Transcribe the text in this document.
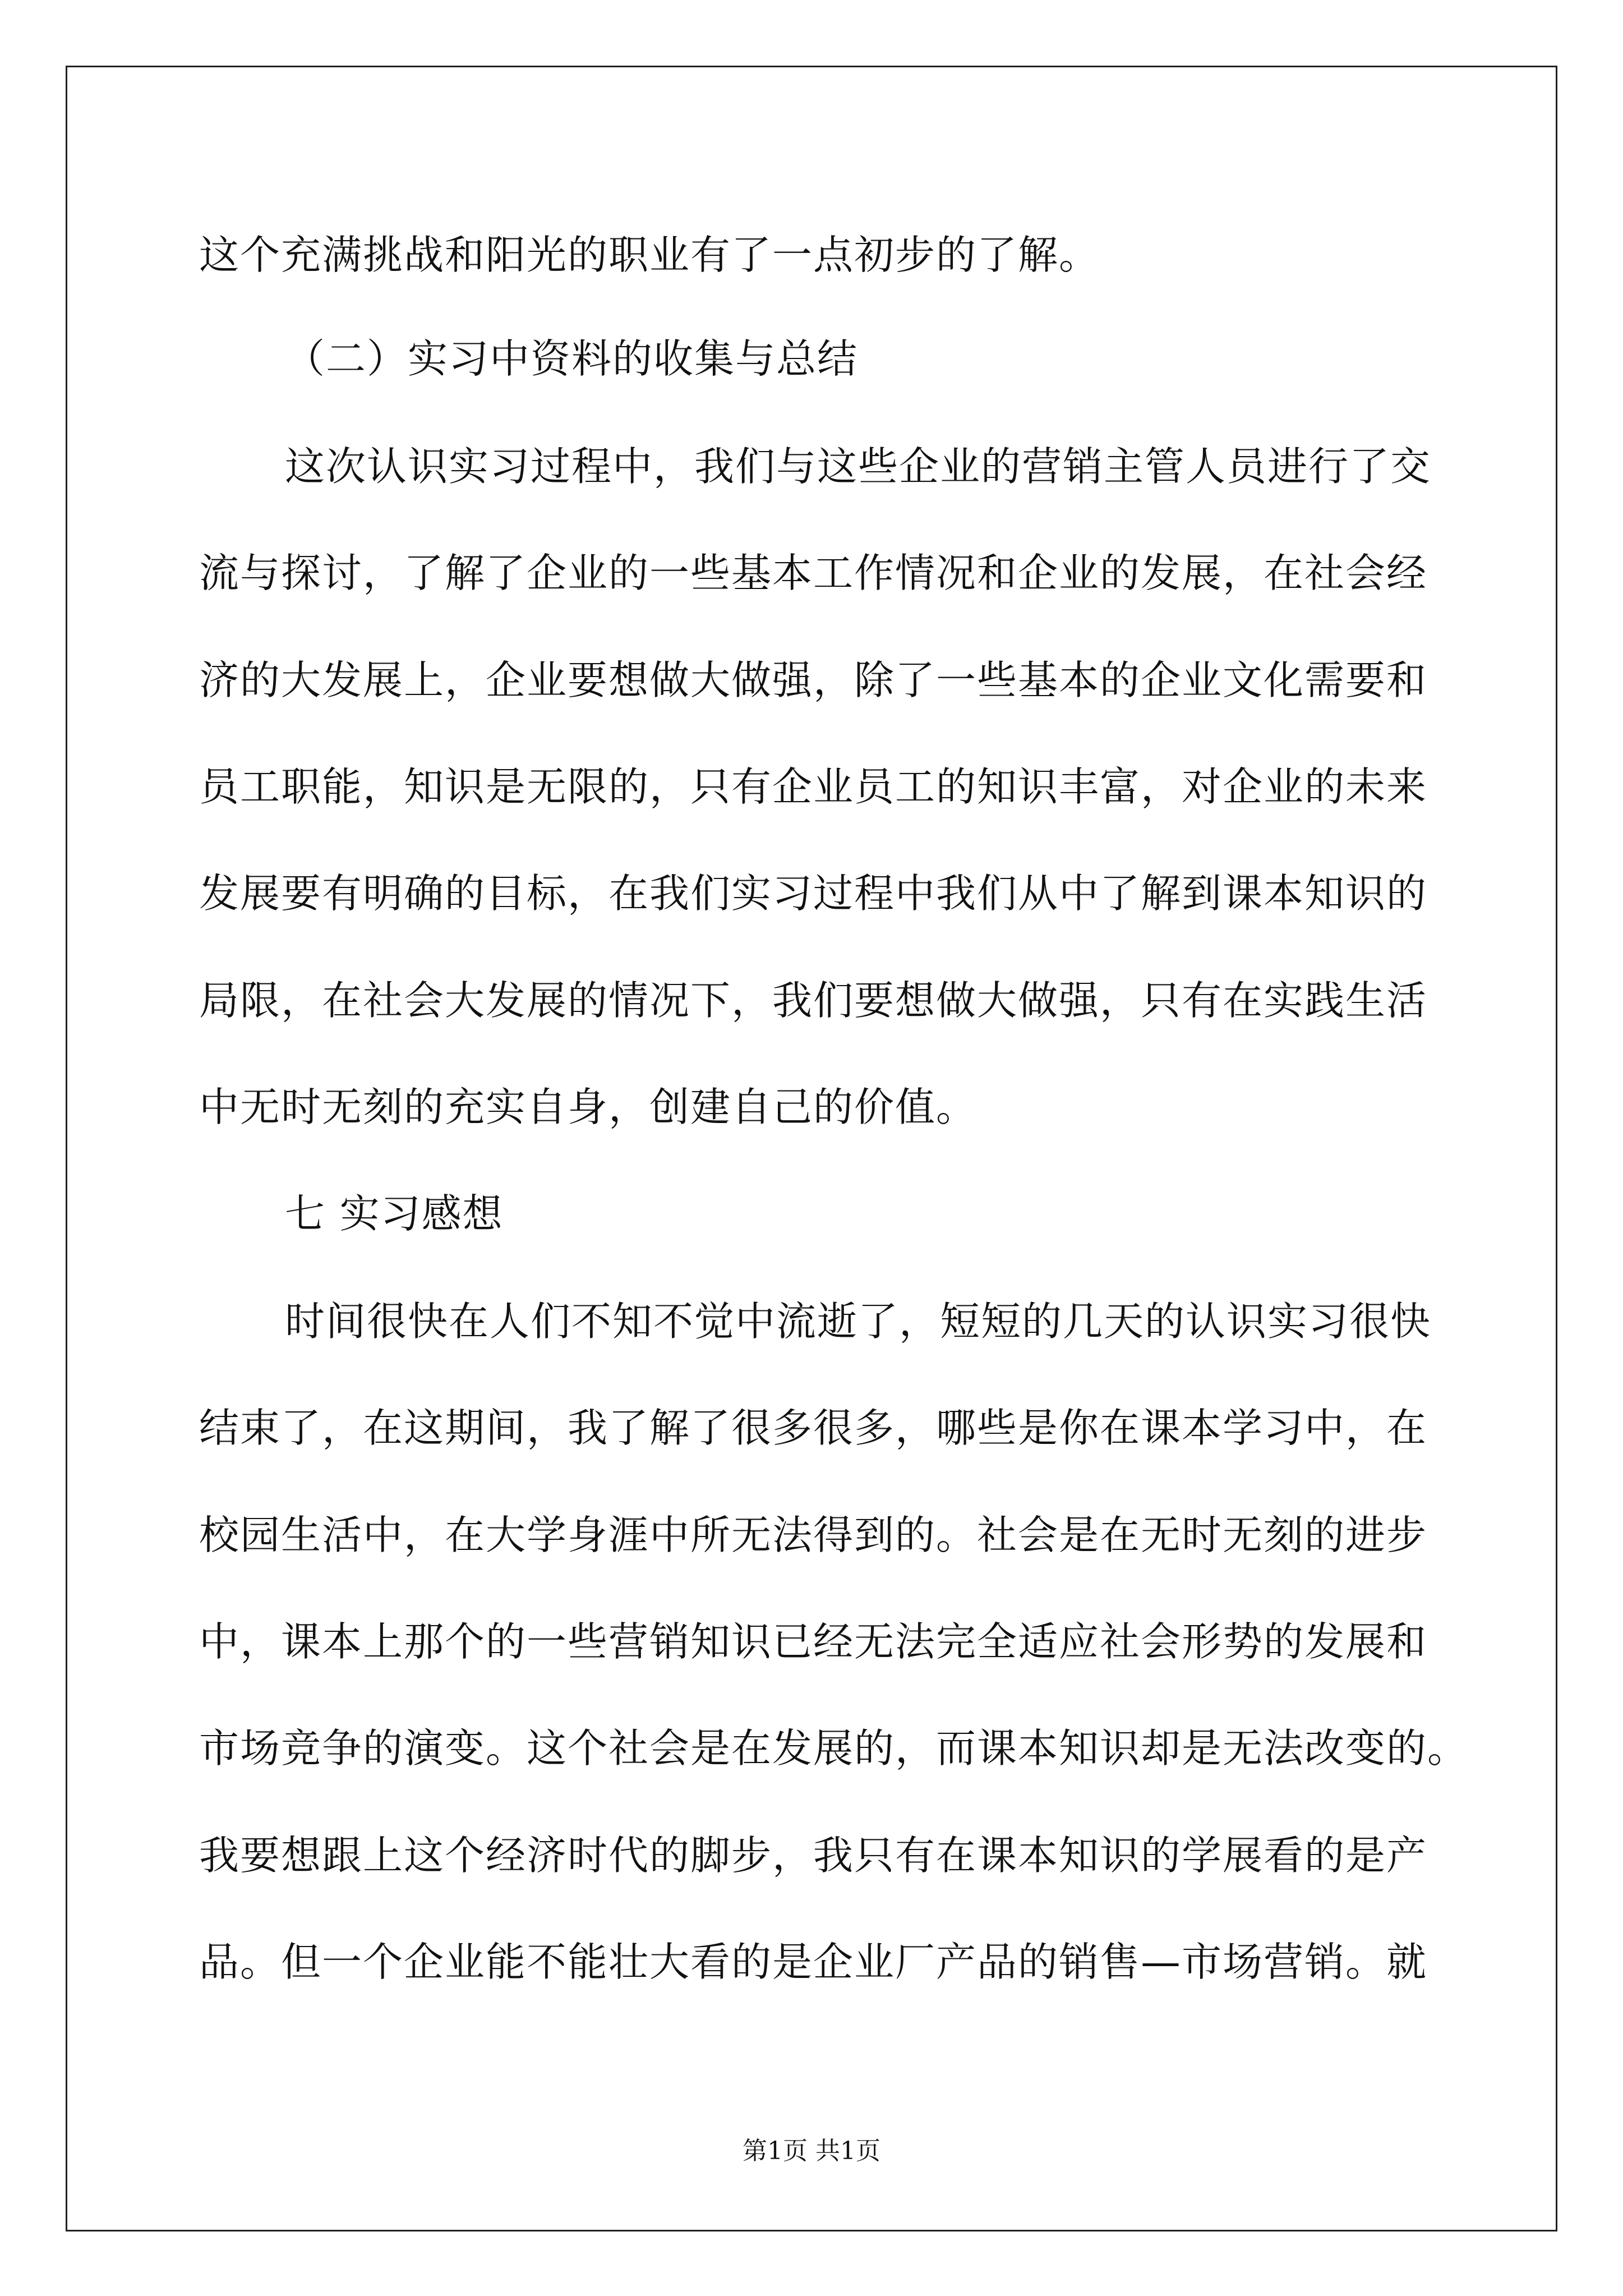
这个充满挑战和阳光的职业有了一点初步的了解。
（二）实习中资料的收集与总结
这次认识实习过程中，我们与这些企业的营销主管人员进行了交
流与探讨，了解了企业的一些基本工作情况和企业的发展，在社会经
济的大发展上，企业要想做大做强，除了一些基本的企业文化需要和
员工职能，知识是无限的，只有企业员工的知识丰富，对企业的未来
发展要有明确的目标，在我们实习过程中我们从中了解到课本知识的
局限，在社会大发展的情况下，我们要想做大做强，只有在实践生活
中无时无刻的充实自身，创建自己的价值。
七 实习感想
时间很快在人们不知不觉中流逝了，短短的几天的认识实习很快
结束了，在这期间，我了解了很多很多，哪些是你在课本学习中，在
校园生活中，在大学身涯中所无法得到的。社会是在无时无刻的进步
中，课本上那个的一些营销知识已经无法完全适应社会形势的发展和
市场竞争的演变。这个社会是在发展的，而课本知识却是无法改变的。
我要想跟上这个经济时代的脚步，我只有在课本知识的学展看的是产
品。但一个企业能不能壮大看的是企业厂产品的销售—市场营销。就
第1页 共1页
